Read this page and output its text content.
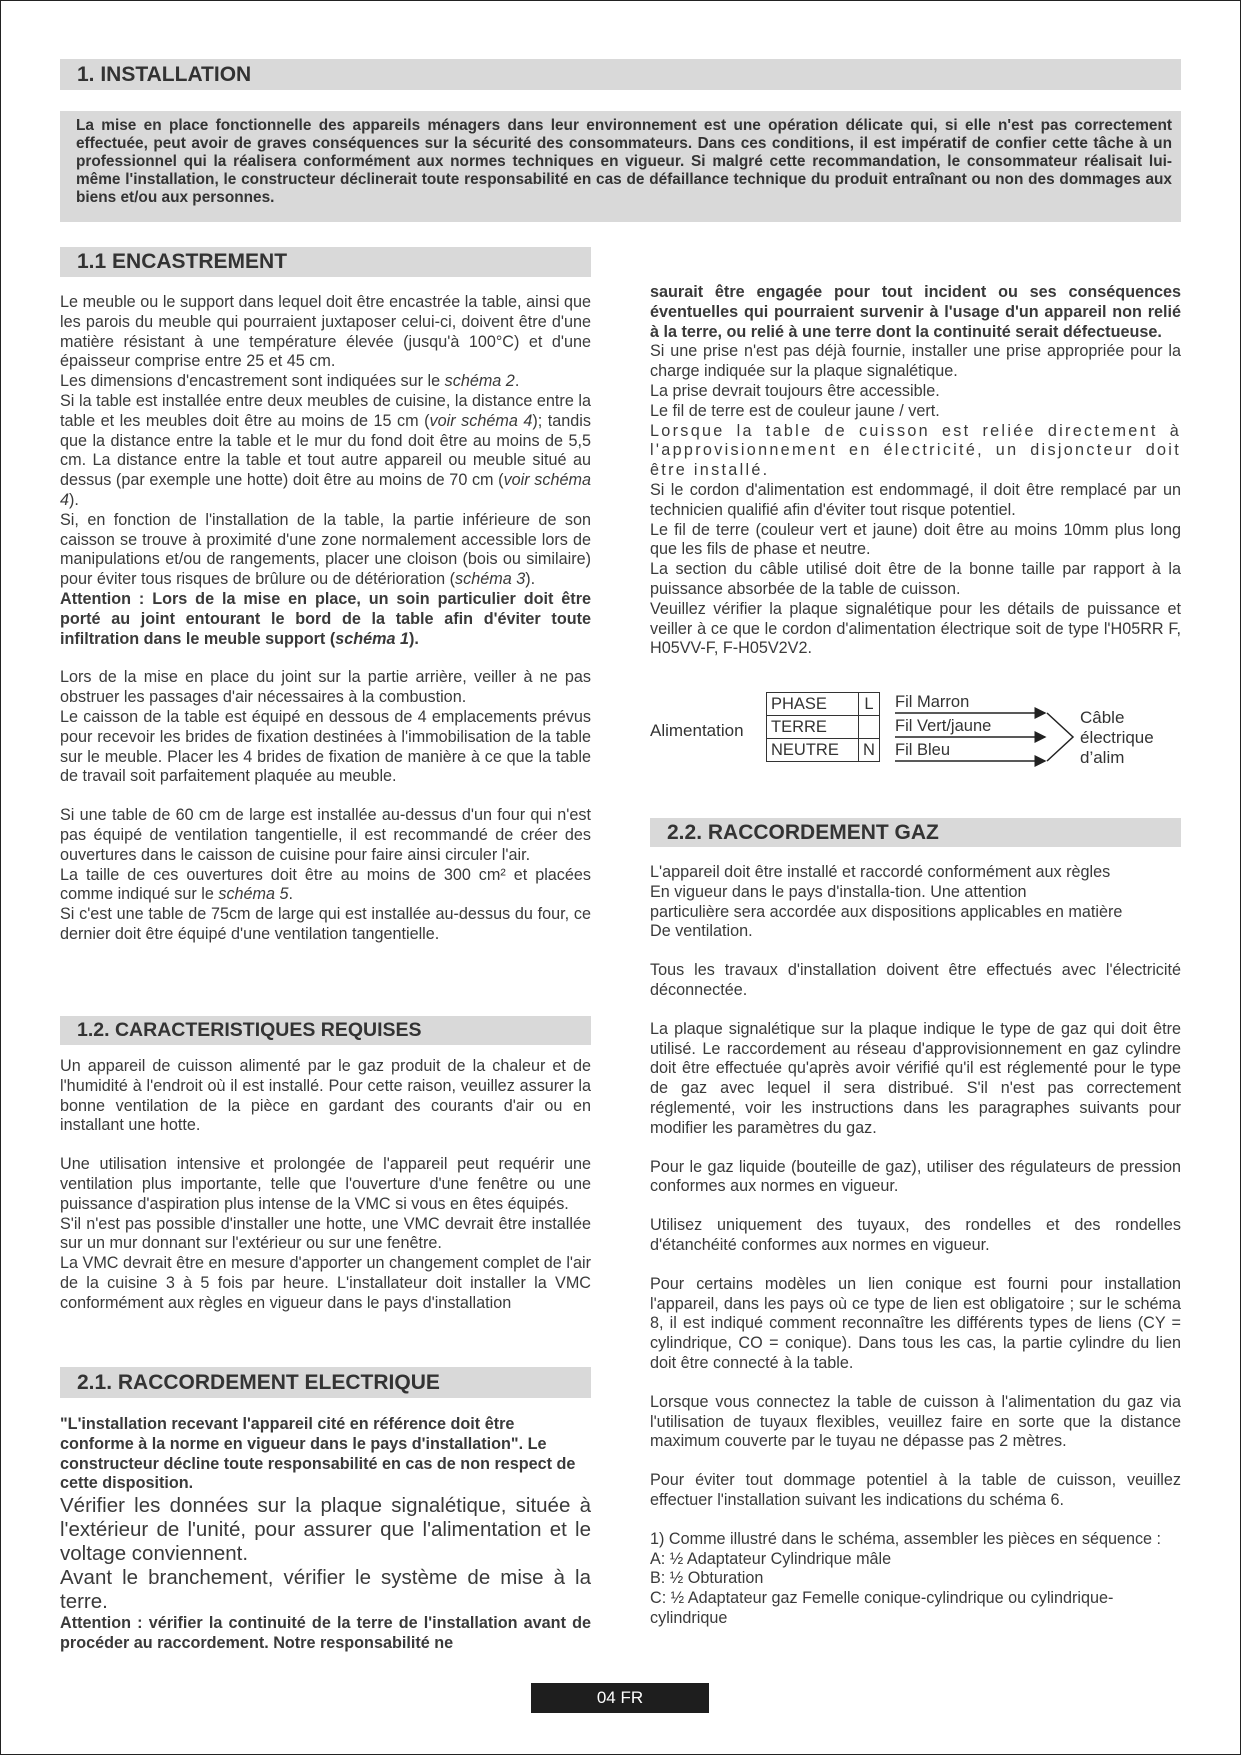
1. INSTALLATION
La mise en place fonctionnelle des appareils ménagers dans leur environnement est une opération délicate qui, si elle n'est pas correctement effectuée, peut avoir de graves conséquences sur la sécurité des consommateurs. Dans ces conditions, il est impératif de confier cette tâche à un professionnel qui la réalisera conformément aux normes techniques en vigueur. Si malgré cette recommandation, le consommateur réalisait lui-même l'installation, le constructeur déclinerait toute responsabilité en cas de défaillance technique du produit entraînant ou non des dommages aux biens et/ou aux personnes.
1.1 ENCASTREMENT

Le meuble ou le support dans lequel doit être encastrée la table, ainsi que les parois du meuble qui pourraient juxtaposer celui-ci, doivent être d'une matière résistant à une température élevée (jusqu'à 100°C) et d'une épaisseur comprise entre 25 et 45 cm.

Les dimensions d'encastrement sont indiquées sur le schéma 2.

Si la table est installée entre deux meubles de cuisine, la distance entre la table et les meubles doit être au moins de 15 cm (voir schéma 4); tandis que la distance entre la table et le mur du fond doit être au moins de 5,5 cm. La distance entre la table et tout autre appareil ou meuble situé au dessus (par exemple une hotte) doit être au moins de 70 cm (voir schéma 4).

Si, en fonction de l'installation de la table, la partie inférieure de son caisson se trouve à proximité d'une zone normalement accessible lors de manipulations et/ou de rangements, placer une cloison (bois ou similaire) pour éviter tous risques de brûlure ou de détérioration (schéma 3).

Attention : Lors de la mise en place, un soin particulier doit être porté au joint entourant le bord de la table afin d'éviter toute infiltration dans le meuble support (schéma 1).

Lors de la mise en place du joint sur la partie arrière, veiller à ne pas obstruer les passages d'air nécessaires à la combustion.

Le caisson de la table est équipé en dessous de 4 emplacements prévus pour recevoir les brides de fixation destinées à l'immobilisation de la table sur le meuble. Placer les 4 brides de fixation de manière à ce que la table de travail soit parfaitement plaquée au meuble.

Si une table de 60 cm de large est installée au-dessus d'un four qui n'est pas équipé de ventilation tangentielle, il est recommandé de créer des ouvertures dans le caisson de cuisine pour faire ainsi circuler l'air.

La taille de ces ouvertures doit être au moins de 300 cm² et placées comme indiqué sur le schéma 5.

Si c'est une table de 75cm de large qui est installée au-dessus du four, ce dernier doit être équipé d'une ventilation tangentielle.

1.2. CARACTERISTIQUES REQUISES

Un appareil de cuisson alimenté par le gaz produit de la chaleur et de l'humidité à l'endroit où il est installé. Pour cette raison, veuillez assurer la bonne ventilation de la pièce en gardant des courants d'air ou en installant une hotte.

Une utilisation intensive et prolongée de l'appareil peut requérir une ventilation plus importante, telle que l'ouverture d'une fenêtre ou une puissance d'aspiration plus intense de la VMC si vous en êtes équipés.

S'il n'est pas possible d'installer une hotte, une VMC devrait être installée sur un mur donnant sur l'extérieur ou sur une fenêtre.

La VMC devrait être en mesure d'apporter un changement complet de l'air de la cuisine 3 à 5 fois par heure. L'installateur doit installer la VMC conformément aux règles en vigueur dans le pays d'installation

2.1. RACCORDEMENT ELECTRIQUE

"L'installation recevant l'appareil cité en référence doit être conforme à la norme en vigueur dans le pays d'installation". Le constructeur décline toute responsabilité en cas de non respect de cette disposition.

Vérifier les données sur la plaque signalétique, située à l'extérieur de l'unité, pour assurer que l'alimentation et le voltage conviennent.

Avant le branchement, vérifier le système de mise à la terre.

Attention : vérifier la continuité de la terre de l'installation avant de procéder au raccordement. Notre responsabilité ne

saurait être engagée pour tout incident ou ses conséquences éventuelles qui pourraient survenir à l'usage d'un appareil non relié à la terre, ou relié à une terre dont la continuité serait défectueuse.

Si une prise n'est pas déjà fournie, installer une prise appropriée pour la charge indiquée sur la plaque signalétique.

La prise devrait toujours être accessible.

Le fil de terre est de couleur jaune / vert.

Lorsque la table de cuisson est reliée directement à l'approvisionnement en électricité, un disjoncteur doit être installé.

Si le cordon d'alimentation est endommagé, il doit être remplacé par un technicien qualifié afin d'éviter tout risque potentiel.

Le fil de terre (couleur vert et jaune) doit être au moins 10mm plus long que les fils de phase et neutre.

La section du câble utilisé doit être de la bonne taille par rapport à la puissance absorbée de la table de cuisson.

Veuillez vérifier la plaque signalétique pour les détails de puissance et veiller à ce que le cordon d'alimentation électrique soit de type l'H05RR F, H05VV-F, F-H05V2V2.

Alimentation
PHASE	L
TERRE	
NEUTRE	N
Fil Marron
Fil Vert/jaune
Fil Bleu
Câble
électrique
d’alim
2.2. RACCORDEMENT GAZ

L'appareil doit être installé et raccordé conformément aux règles
En vigueur dans le pays d'installa-tion. Une attention
particulière sera accordée aux dispositions applicables en matière
De ventilation.

Tous les travaux d'installation doivent être effectués avec l'électricité déconnectée.

La plaque signalétique sur la plaque indique le type de gaz qui doit être utilisé. Le raccordement au réseau d'approvisionnement en gaz cylindre doit être effectuée qu'après avoir vérifié qu'il est réglementé pour le type de gaz avec lequel il sera distribué. S'il n'est pas correctement réglementé, voir les instructions dans les paragraphes suivants pour modifier les paramètres du gaz.

Pour le gaz liquide (bouteille de gaz), utiliser des régulateurs de pression conformes aux normes en vigueur.

Utilisez uniquement des tuyaux, des rondelles et des rondelles d'étanchéité conformes aux normes en vigueur.

Pour certains modèles un lien conique est fourni pour installation l'appareil, dans les pays où ce type de lien est obligatoire ; sur le schéma 8, il est indiqué comment reconnaître les différents types de liens (CY = cylindrique, CO = conique). Dans tous les cas, la partie cylindre du lien doit être connecté à la table.

Lorsque vous connectez la table de cuisson à l'alimentation du gaz via l'utilisation de tuyaux flexibles, veuillez faire en sorte que la distance maximum couverte par le tuyau ne dépasse pas 2 mètres.

Pour éviter tout dommage potentiel à la table de cuisson, veuillez effectuer l'installation suivant les indications du schéma 6.

1) Comme illustré dans le schéma, assembler les pièces en séquence :

A: ½ Adaptateur Cylindrique mâle

B: ½ Obturation

C: ½ Adaptateur gaz Femelle conique-cylindrique ou cylindrique-cylindrique

04 FR
